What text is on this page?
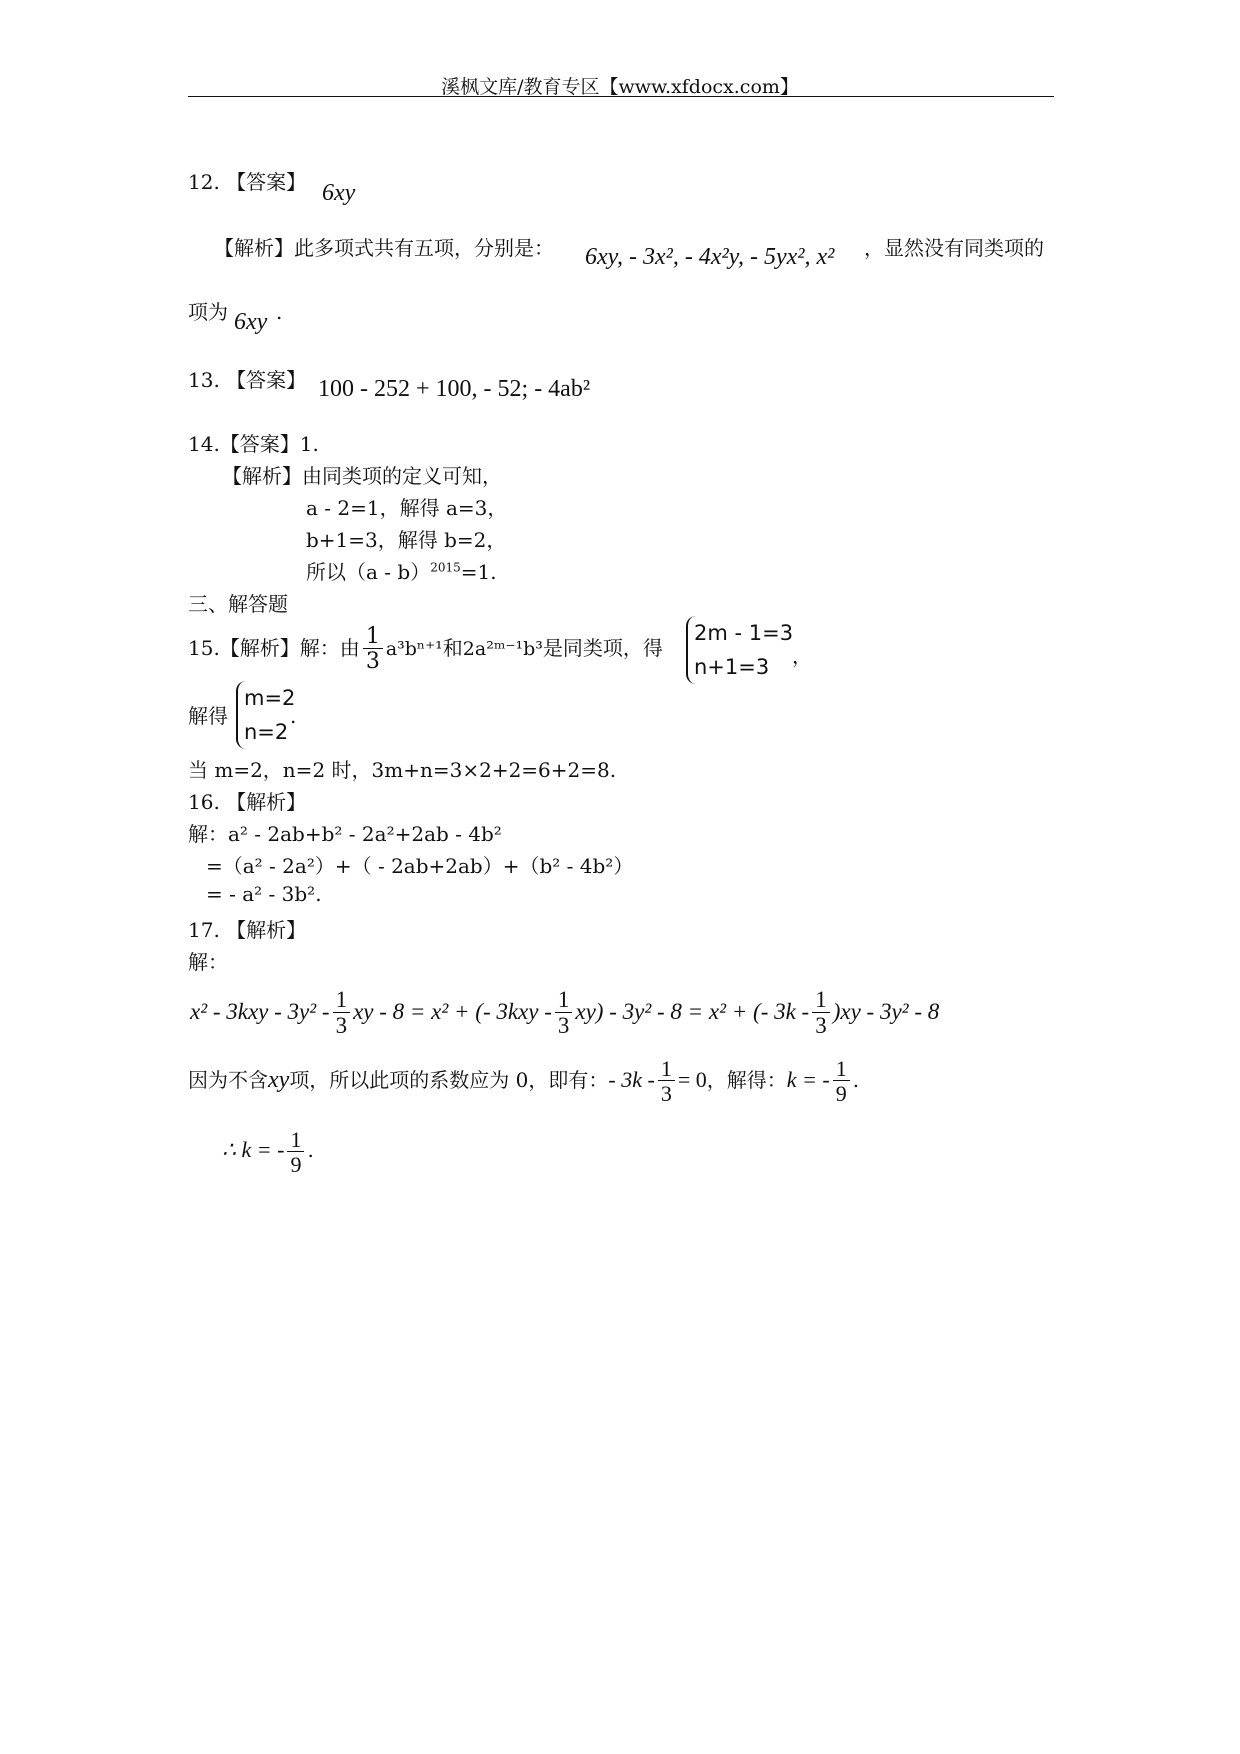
溪枫文库/教育专区【www.xfdocx.com】
12. 【答案】 6xy
【解析】此多项式共有五项，分别是： 6xy, - 3x², - 4x²y, - 5yx², x² ，显然没有同类项的
项为 6xy .
13. 【答案】 100 - 252 + 100, - 52; - 4ab²
14.【答案】1.
【解析】由同类项的定义可知，
a - 2=1，解得 a=3，
b+1=3，解得 b=2，
所以（a - b）$^{2015}$=1.
三、解答题
15.【解析】解：由 $\frac{1}{3} a^3b^{n+1}$和2a²ᵐ⁻¹b³是同类项，得
2m - 1=3
n+1=3	，
解得
m=2
n=2
.
当 m=2，n=2 时，3m+n=3×2+2=6+2=8.
16. 【解析】
解：a² - 2ab+b² - 2a²+2ab - 4b²
=（a² - 2a²）+（ - 2ab+2ab）+（b² - 4b²）
= - a² - 3b².
17. 【解析】
解：
$x^2 - 3kxy - 3y^2 - \frac{1}{3}$ xy - 8 = x² + (- $3kxy - \frac{1}{3} xy) - 3y^2 - 8 = x^2$ + (- $3k - \frac{1}{3} )xy - 3y^2 - 8$
因为不含xy项，所以此项的系数应为 0，即有：- $3k - \frac{1}{3} = 0$，解得：k = - $\frac{1}{9}$ .
∴ k = - $\frac{1}{9}$ .
